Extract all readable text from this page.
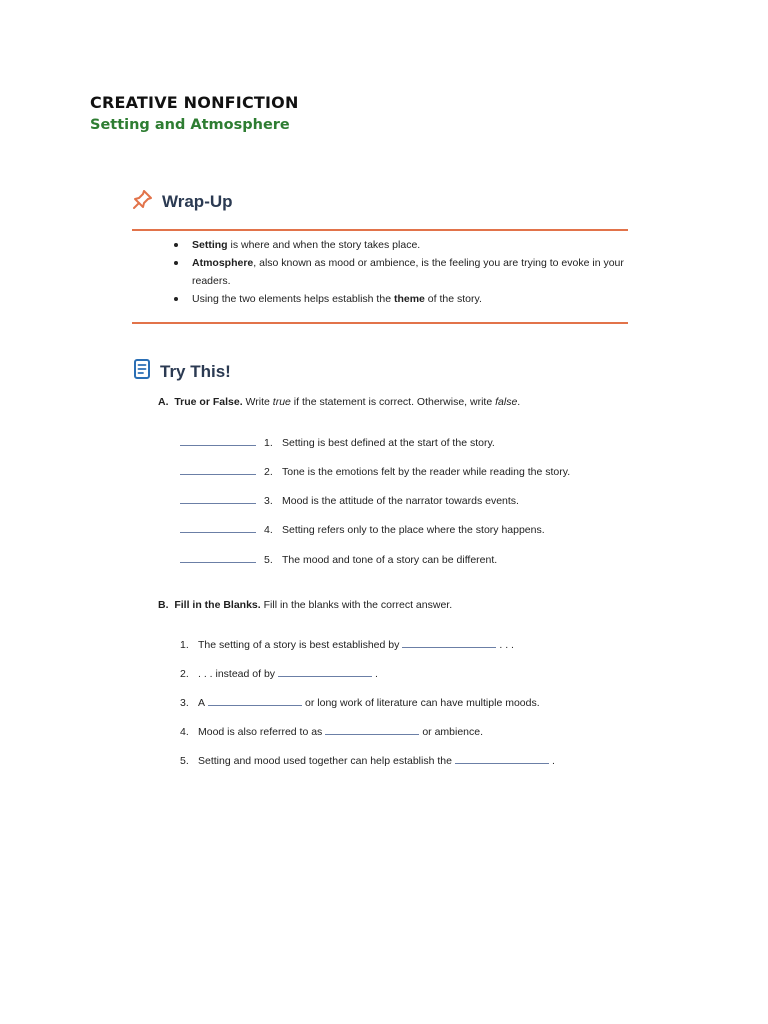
CREATIVE NONFICTION
Setting and Atmosphere
Wrap-Up
Setting is where and when the story takes place.
Atmosphere, also known as mood or ambience, is the feeling you are trying to evoke in your readers.
Using the two elements helps establish the theme of the story.
Try This!
A. True or False. Write true if the statement is correct. Otherwise, write false.
1. Setting is best defined at the start of the story.
2. Tone is the emotions felt by the reader while reading the story.
3. Mood is the attitude of the narrator towards events.
4. Setting refers only to the place where the story happens.
5. The mood and tone of a story can be different.
B. Fill in the Blanks. Fill in the blanks with the correct answer.
1. The setting of a story is best established by	. . .
2. . . . instead of by	.
3. A	or long work of literature can have multiple moods.
4. Mood is also referred to as	or ambience.
5. Setting and mood used together can help establish the	.
